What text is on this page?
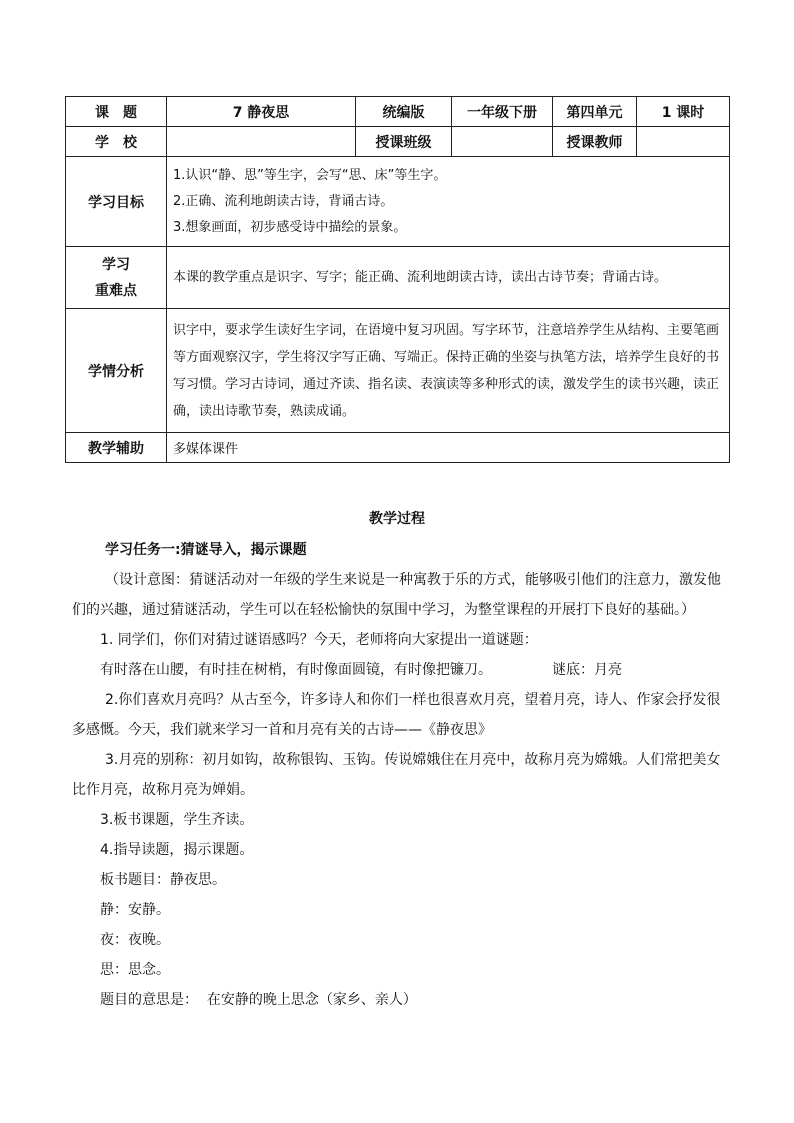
课　题	7 静夜思	统编版	一年级下册	第四单元	1 课时
学　校		授课班级		授课教师	
学习目标	1.认识“静、思”等生字，会写“思、床”等生字。
2.正确、流利地朗读古诗，背诵古诗。
3.想象画面，初步感受诗中描绘的景象。				

学习
重难点	本课的教学重点是识字、写字；能正确、流利地朗读古诗，读出古诗节奏；背诵古诗。				
学情分析	识字中，要求学生读好生字词，在语境中复习巩固。写字环节，注意培养学生从结构、主要笔画等方面观察汉字，学生将汉字写正确、写端正。保持正确的坐姿与执笔方法，培养学生良好的书写习惯。学习古诗词，通过齐读、指名读、表演读等多种形式的读，激发学生的读书兴趣，读正确，读出诗歌节奏，熟读成诵。				
教学辅助	多媒体课件				
教学过程

学习任务一:猜谜导入，揭示课题

（设计意图：猜谜活动对一年级的学生来说是一种寓教于乐的方式，能够吸引他们的注意力，激发他们的兴趣，通过猜谜活动，学生可以在轻松愉快的氛围中学习，为整堂课程的开展打下良好的基础。）

1. 同学们，你们对猜过谜语感吗？今天，老师将向大家提出一道谜题：

有时落在山腰，有时挂在树梢，有时像面圆镜，有时像把镰刀。	谜底：月亮

2.你们喜欢月亮吗？从古至今，许多诗人和你们一样也很喜欢月亮，望着月亮，诗人、作家会抒发很多感慨。今天，我们就来学习一首和月亮有关的古诗——《静夜思》

3.月亮的别称：初月如钩，故称银钩、玉钩。传说嫦娥住在月亮中，故称月亮为嫦娥。人们常把美女比作月亮，故称月亮为婵娟。

3.板书课题，学生齐读。

4.指导读题，揭示课题。

板书题目：静夜思。

静：安静。

夜：夜晚。

思：思念。

题目的意思是：  在安静的晚上思念（家乡、亲人）
